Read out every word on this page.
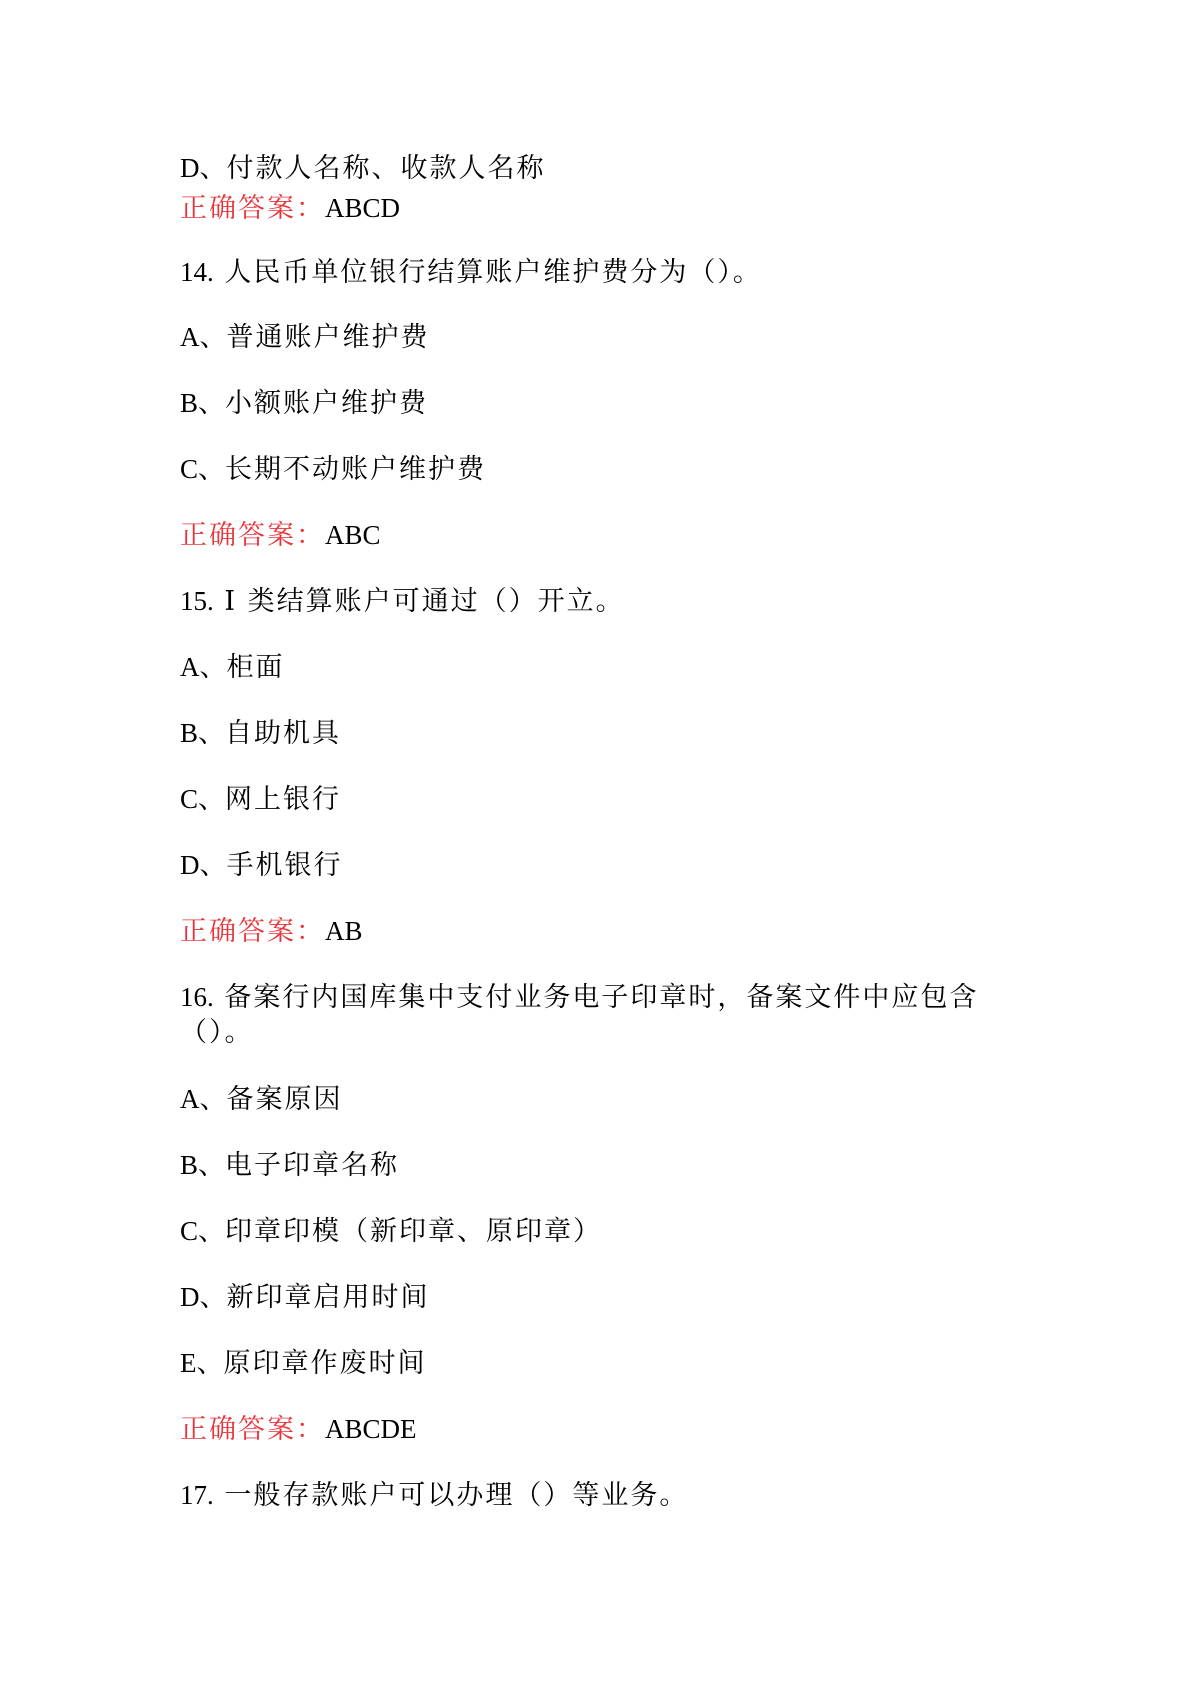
D、付款人名称、收款人名称
正确答案：ABCD
14. 人民币单位银行结算账户维护费分为（）。
A、普通账户维护费
B、小额账户维护费
C、长期不动账户维护费
正确答案：ABC
15. I 类结算账户可通过（）开立。
A、柜面
B、自助机具
C、网上银行
D、手机银行
正确答案：AB
16. 备案行内国库集中支付业务电子印章时，备案文件中应包含
（）。
A、备案原因
B、电子印章名称
C、印章印模（新印章、原印章）
D、新印章启用时间
E、原印章作废时间
正确答案：ABCDE
17. 一般存款账户可以办理（）等业务。
